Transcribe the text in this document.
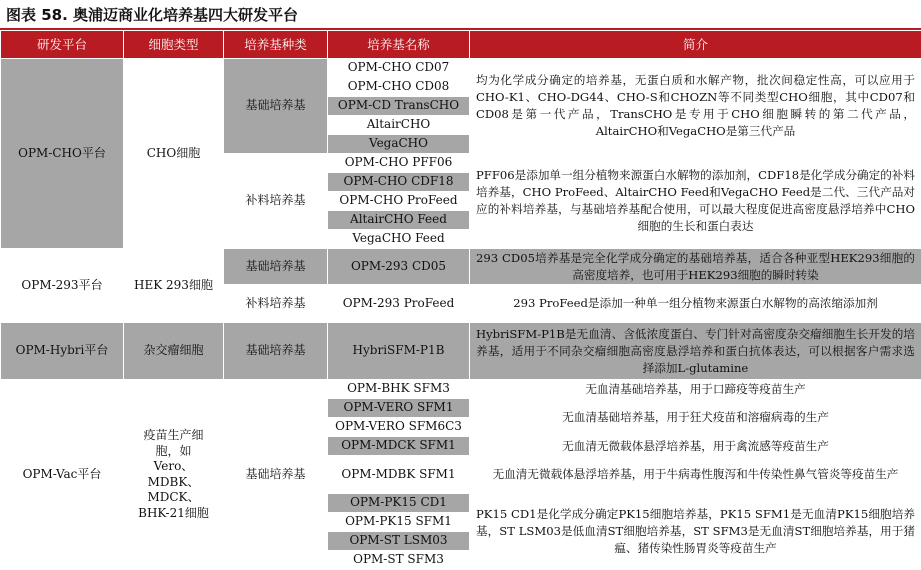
图表 58. 奥浦迈商业化培养基四大研发平台
研发平台	细胞类型	培养基种类	培养基名称	简介
OPM-CHO平台	CHO细胞	基础培养基	OPM-CHO CD07	均为化学成分确定的培养基，无蛋白质和水解产物，批次间稳定性高，可以应用于CHO-K1、CHO-DG44、CHO-S和CHOZN等不同类型CHO细胞，其中CD07和CD08是第一代产品，TransCHO是专用于CHO细胞瞬转的第二代产品，AltairCHO和VegaCHO是第三代产品
			OPM-CHO CD08	
			OPM-CD TransCHO	
			AltairCHO	
			VegaCHO	
		补料培养基	OPM-CHO PFF06	PFF06是添加单一组分植物来源蛋白水解物的添加剂，CDF18是化学成分确定的补料培养基，CHO ProFeed、AltairCHO Feed和VegaCHO Feed是二代、三代产品对应的补料培养基，与基础培养基配合使用，可以最大程度促进高密度悬浮培养中CHO细胞的生长和蛋白表达
			OPM-CHO CDF18	
			OPM-CHO ProFeed	
			AltairCHO Feed	
			VegaCHO Feed	
OPM-293平台	HEK 293细胞	基础培养基	OPM-293 CD05	293 CD05培养基是完全化学成分确定的基础培养基，适合各种亚型HEK293细胞的高密度培养，也可用于HEK293细胞的瞬时转染
		补料培养基	OPM-293 ProFeed	293 ProFeed是添加一种单一组分植物来源蛋白水解物的高浓缩添加剂
OPM-Hybri平台	杂交瘤细胞	基础培养基	HybriSFM-P1B	HybriSFM-P1B是无血清、含低浓度蛋白、专门针对高密度杂交瘤细胞生长开发的培养基，适用于不同杂交瘤细胞高密度悬浮培养和蛋白抗体表达，可以根据客户需求选择添加L-glutamine
OPM-Vac平台	疫苗生产细胞，如Vero、MDBK、MDCK、BHK-21细胞	基础培养基	OPM-BHK SFM3	无血清基础培养基，用于口蹄疫等疫苗生产
			OPM-VERO SFM1	无血清基础培养基，用于狂犬疫苗和溶瘤病毒的生产
			OPM-VERO SFM6C3	
			OPM-MDCK SFM1	无血清无微载体悬浮培养基，用于禽流感等疫苗生产
			OPM-MDBK SFM1	无血清无微载体悬浮培养基，用于牛病毒性腹泻和牛传染性鼻气管炎等疫苗生产
			OPM-PK15 CD1	PK15 CD1是化学成分确定PK15细胞培养基，PK15 SFM1是无血清PK15细胞培养基，ST LSM03是低血清ST细胞培养基，ST SFM3是无血清ST细胞培养基，用于猪瘟、猪传染性肠胃炎等疫苗生产
			OPM-PK15 SFM1	
			OPM-ST LSM03	
			OPM-ST SFM3	
